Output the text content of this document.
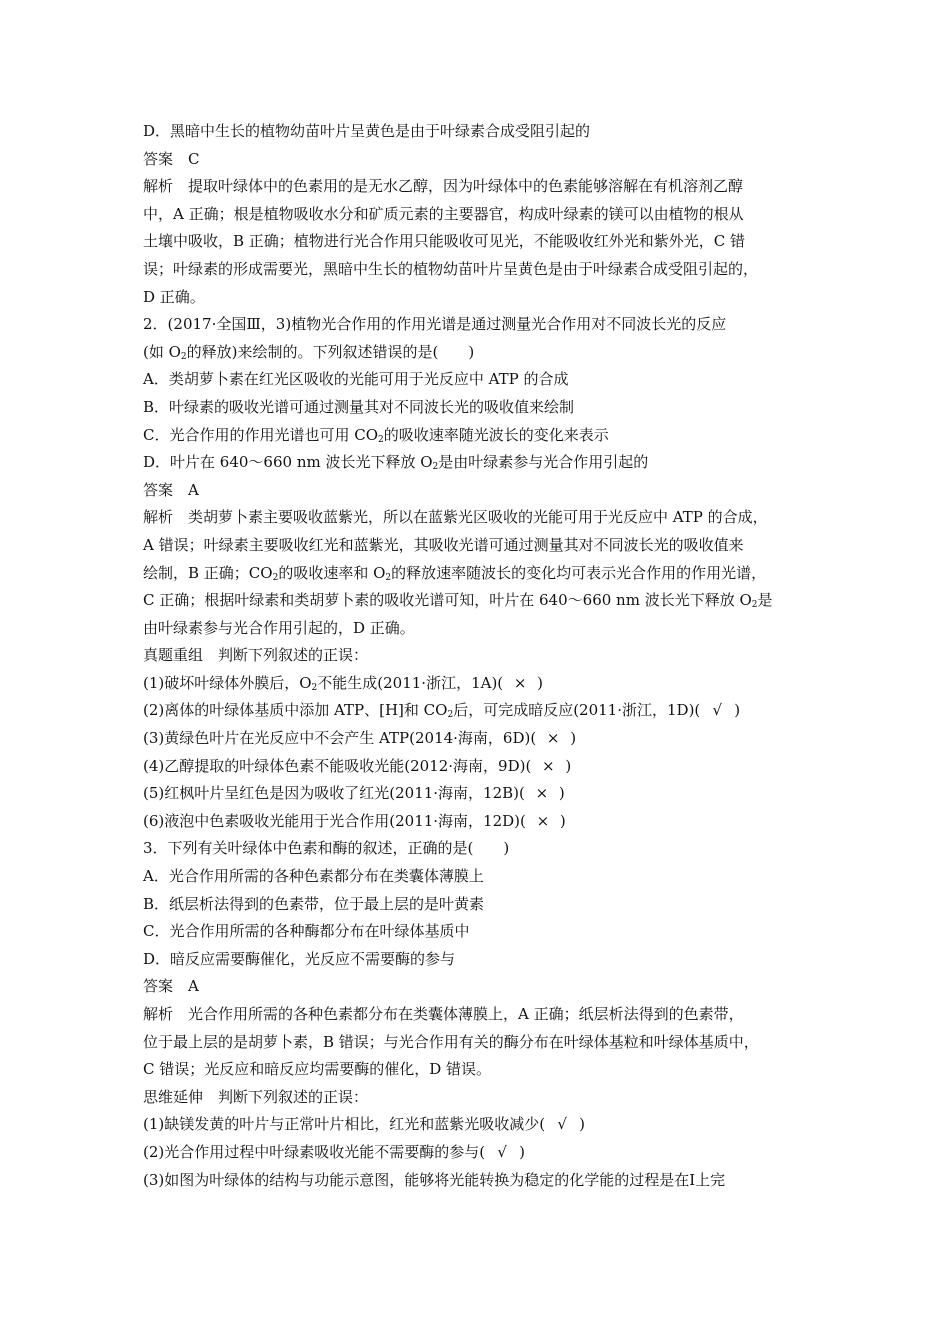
D．黑暗中生长的植物幼苗叶片呈黄色是由于叶绿素合成受阻引起的
答案　C
解析　提取叶绿体中的色素用的是无水乙醇，因为叶绿体中的色素能够溶解在有机溶剂乙醇
中，A 正确；根是植物吸收水分和矿质元素的主要器官，构成叶绿素的镁可以由植物的根从
土壤中吸收，B 正确；植物进行光合作用只能吸收可见光，不能吸收红外光和紫外光，C 错
误；叶绿素的形成需要光，黑暗中生长的植物幼苗叶片呈黄色是由于叶绿素合成受阻引起的，
D 正确。
2．(2017·全国Ⅲ，3)植物光合作用的作用光谱是通过测量光合作用对不同波长光的反应
(如 $O_2$的释放)来绘制的。下列叙述错误的是(　　)
A．类胡萝卜素在红光区吸收的光能可用于光反应中 ATP 的合成
B．叶绿素的吸收光谱可通过测量其对不同波长光的吸收值来绘制
C．光合作用的作用光谱也可用 $CO_2$的吸收速率随光波长的变化来表示
D．叶片在 640～660 nm 波长光下释放 $O_2$是由叶绿素参与光合作用引起的
答案　A
解析　类胡萝卜素主要吸收蓝紫光，所以在蓝紫光区吸收的光能可用于光反应中 ATP 的合成，
A 错误；叶绿素主要吸收红光和蓝紫光，其吸收光谱可通过测量其对不同波长光的吸收值来
绘制，B 正确；$CO_2$的吸收速率和 $O_2$的释放速率随波长的变化均可表示光合作用的作用光谱，
C 正确；根据叶绿素和类胡萝卜素的吸收光谱可知，叶片在 640～660 nm 波长光下释放 $O_2$是
由叶绿素参与光合作用引起的，D 正确。
真题重组　判断下列叙述的正误：
(1)破坏叶绿体外膜后，$O_2$不能生成(2011·浙江，1A)( × )
(2)离体的叶绿体基质中添加 ATP、[H]和 $CO_2$后，可完成暗反应(2011·浙江，1D)( √ )
(3)黄绿色叶片在光反应中不会产生 ATP(2014·海南，6D)( × )
(4)乙醇提取的叶绿体色素不能吸收光能(2012·海南，9D)( × )
(5)红枫叶片呈红色是因为吸收了红光(2011·海南，12B)( × )
(6)液泡中色素吸收光能用于光合作用(2011·海南，12D)( × )
3．下列有关叶绿体中色素和酶的叙述，正确的是(　　)
A．光合作用所需的各种色素都分布在类囊体薄膜上
B．纸层析法得到的色素带，位于最上层的是叶黄素
C．光合作用所需的各种酶都分布在叶绿体基质中
D．暗反应需要酶催化，光反应不需要酶的参与
答案　A
解析　光合作用所需的各种色素都分布在类囊体薄膜上，A 正确；纸层析法得到的色素带，
位于最上层的是胡萝卜素，B 错误；与光合作用有关的酶分布在叶绿体基粒和叶绿体基质中，
C 错误；光反应和暗反应均需要酶的催化，D 错误。
思维延伸　判断下列叙述的正误：
(1)缺镁发黄的叶片与正常叶片相比，红光和蓝紫光吸收减少( √ )
(2)光合作用过程中叶绿素吸收光能不需要酶的参与( √ )
(3)如图为叶绿体的结构与功能示意图，能够将光能转换为稳定的化学能的过程是在Ⅰ上完
